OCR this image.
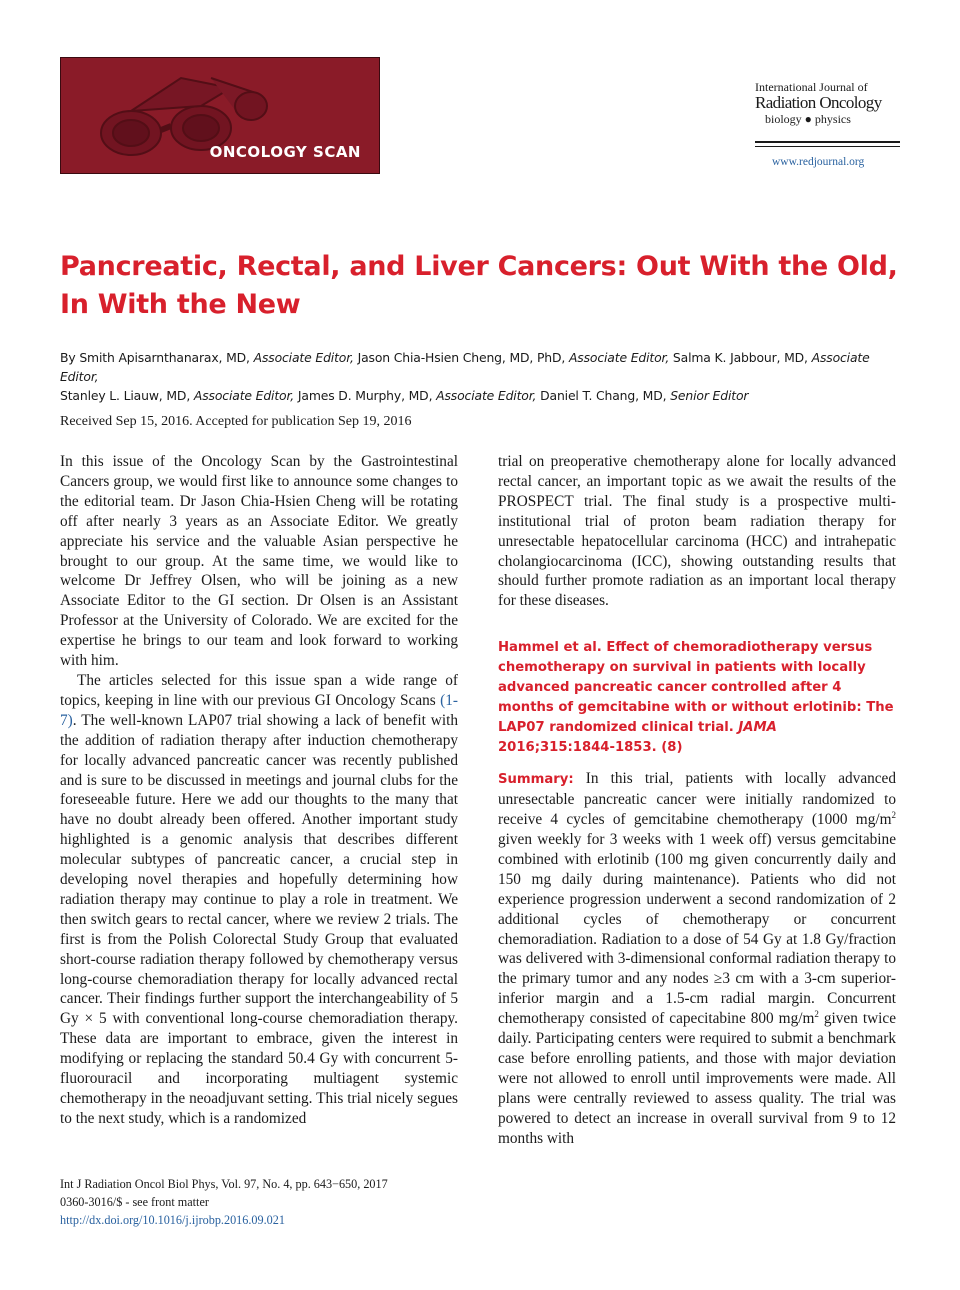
ONCOLOGY SCAN
International Journal of
Radiation Oncology
biology ● physics
www.redjournal.org
Pancreatic, Rectal, and Liver Cancers: Out With the Old, In With the New
By Smith Apisarnthanarax, MD, Associate Editor, Jason Chia-Hsien Cheng, MD, PhD, Associate Editor, Salma K. Jabbour, MD, Associate Editor,
Stanley L. Liauw, MD, Associate Editor, James D. Murphy, MD, Associate Editor, Daniel T. Chang, MD, Senior Editor
Received Sep 15, 2016. Accepted for publication Sep 19, 2016

In this issue of the Oncology Scan by the Gastrointestinal Cancers group, we would first like to announce some changes to the editorial team. Dr Jason Chia-Hsien Cheng will be rotating off after nearly 3 years as an Associate Editor. We greatly appreciate his service and the valuable Asian perspective he brought to our group. At the same time, we would like to welcome Dr Jeffrey Olsen, who will be joining as a new Associate Editor to the GI section. Dr Olsen is an Assistant Professor at the University of Colorado. We are excited for the expertise he brings to our team and look forward to working with him.

The articles selected for this issue span a wide range of topics, keeping in line with our previous GI Oncology Scans (1-7). The well-known LAP07 trial showing a lack of benefit with the addition of radiation therapy after induction chemotherapy for locally advanced pancreatic cancer was recently published and is sure to be discussed in meetings and journal clubs for the foreseeable future. Here we add our thoughts to the many that have no doubt already been offered. Another important study highlighted is a genomic analysis that describes different molecular subtypes of pancreatic cancer, a crucial step in developing novel therapies and hopefully determining how radiation therapy may continue to play a role in treatment. We then switch gears to rectal cancer, where we review 2 trials. The first is from the Polish Colorectal Study Group that evaluated short-course radiation therapy followed by chemotherapy versus long-course chemoradiation therapy for locally advanced rectal cancer. Their findings further support the interchangeability of 5 Gy × 5 with conventional long-course chemoradiation therapy. These data are important to embrace, given the interest in modifying or replacing the standard 50.4 Gy with concurrent 5-fluorouracil and incorporating multiagent systemic chemotherapy in the neoadjuvant setting. This trial nicely segues to the next study, which is a randomized

trial on preoperative chemotherapy alone for locally advanced rectal cancer, an important topic as we await the results of the PROSPECT trial. The final study is a prospective multi-institutional trial of proton beam radiation therapy for unresectable hepatocellular carcinoma (HCC) and intrahepatic cholangiocarcinoma (ICC), showing outstanding results that should further promote radiation as an important local therapy for these diseases.

Hammel et al. Effect of chemoradiotherapy versus chemotherapy on survival in patients with locally advanced pancreatic cancer controlled after 4 months of gemcitabine with or without erlotinib: The LAP07 randomized clinical trial. JAMA 2016;315:1844-1853. (8)

Summary: In this trial, patients with locally advanced unresectable pancreatic cancer were initially randomized to receive 4 cycles of gemcitabine chemotherapy (1000 $mg/m^2$ given weekly for 3 weeks with 1 week off) versus gemcitabine combined with erlotinib (100 mg given concurrently daily and 150 mg daily during maintenance). Patients who did not experience progression underwent a second randomization of 2 additional cycles of chemotherapy or concurrent chemoradiation. Radiation to a dose of 54 Gy at 1.8 Gy/fraction was delivered with 3-dimensional conformal radiation therapy to the primary tumor and any nodes ≥3 cm with a 3-cm superior-inferior margin and a 1.5-cm radial margin. Concurrent chemotherapy consisted of capecitabine 800 $mg/m^2$ given twice daily. Participating centers were required to submit a benchmark case before enrolling patients, and those with major deviation were not allowed to enroll until improvements were made. All plans were centrally reviewed to assess quality. The trial was powered to detect an increase in overall survival from 9 to 12 months with

Int J Radiation Oncol Biol Phys, Vol. 97, No. 4, pp. 643−650, 2017
0360-3016/$ - see front matter
http://dx.doi.org/10.1016/j.ijrobp.2016.09.021
